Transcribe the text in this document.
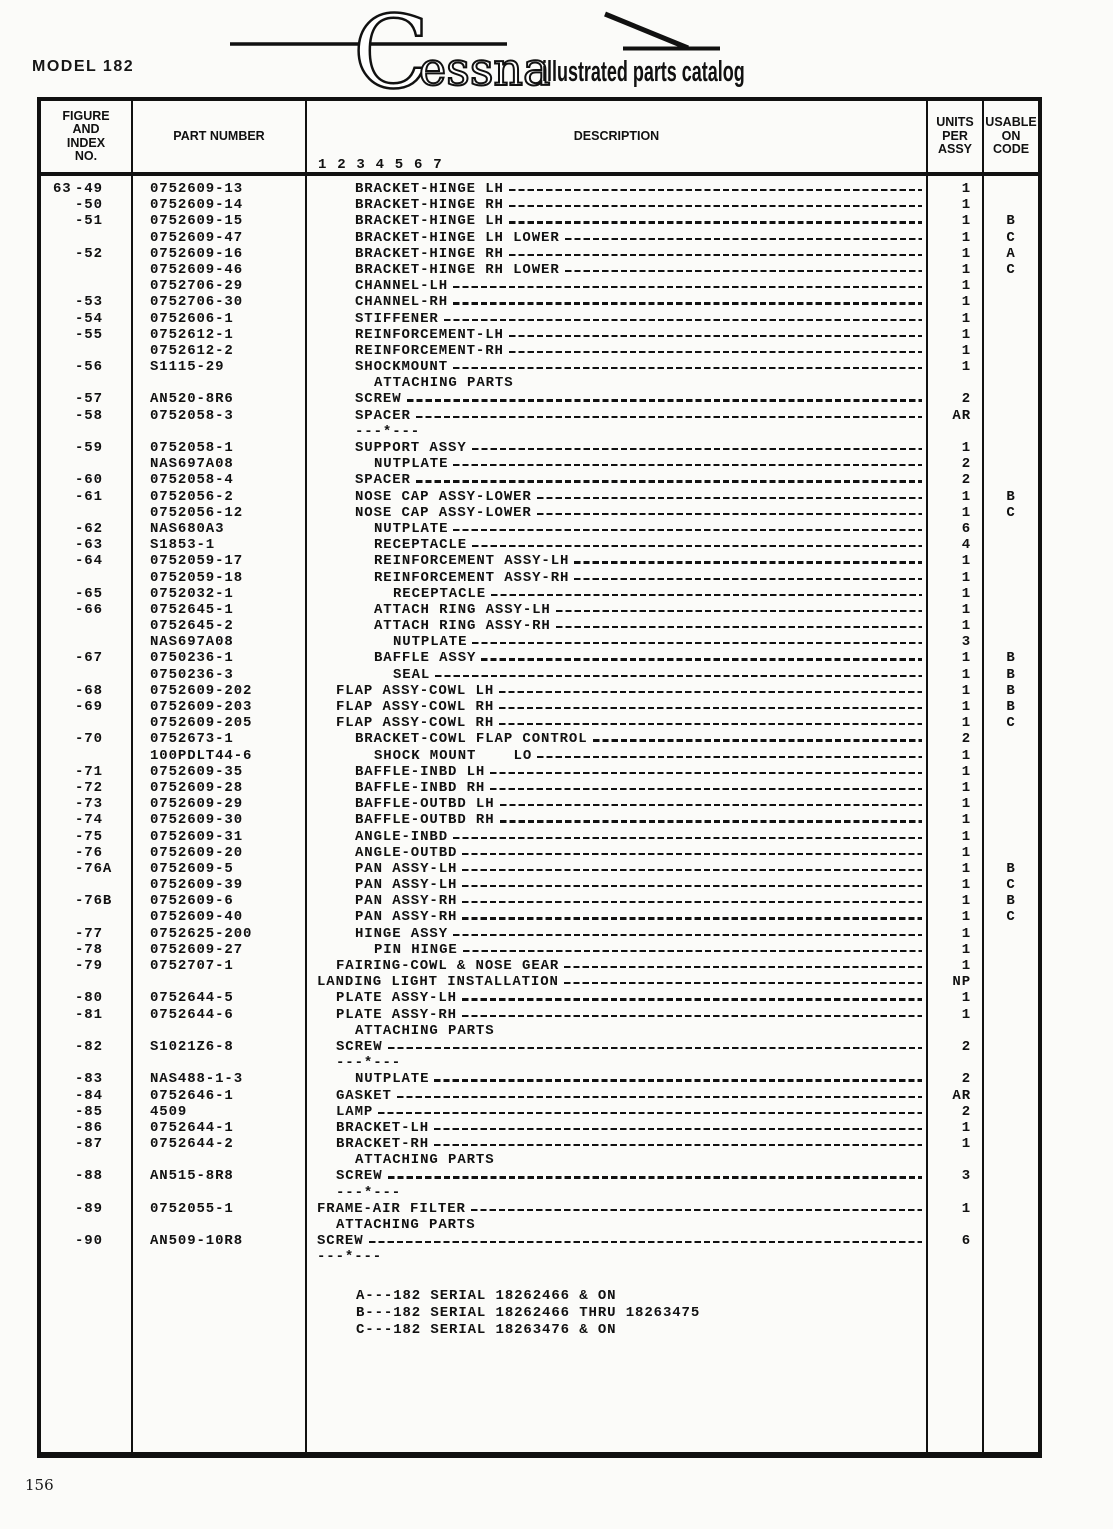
MODEL 182 C
essna
illustrated parts catalog
FIGURE
AND
INDEX
NO.
PART NUMBER	DESCRIPTION
1 2 3 4 5 6 7
UNITS
PER
ASSY
USABLE
ON
CODE
63 -49	0752609-13	BRACKET-HINGE LH	1
-50	0752609-14	BRACKET-HINGE RH	1
-51	0752609-15	BRACKET-HINGE LH	1	B
0752609-47	BRACKET-HINGE LH LOWER	1	C
-52	0752609-16	BRACKET-HINGE RH	1	A
0752609-46	BRACKET-HINGE RH LOWER	1	C
0752706-29	CHANNEL-LH	1
-53	0752706-30	CHANNEL-RH	1
-54	0752606-1	STIFFENER	1
-55	0752612-1	REINFORCEMENT-LH	1
0752612-2	REINFORCEMENT-RH	1
-56	S1115-29	SHOCKMOUNT	1
ATTACHING PARTS
-57	AN520-8R6	SCREW	2
-58	0752058-3	SPACER	AR
---*---
-59	0752058-1	SUPPORT ASSY	1
NAS697A08	NUTPLATE	2
-60	0752058-4	SPACER	2
-61	0752056-2	NOSE CAP ASSY-LOWER	1	B
0752056-12	NOSE CAP ASSY-LOWER	1	C
-62	NAS680A3	NUTPLATE	6
-63	S1853-1	RECEPTACLE	4
-64	0752059-17	REINFORCEMENT ASSY-LH	1
0752059-18	REINFORCEMENT ASSY-RH	1
-65	0752032-1	RECEPTACLE	1
-66	0752645-1	ATTACH RING ASSY-LH	1
0752645-2	ATTACH RING ASSY-RH	1
NAS697A08	NUTPLATE	3
-67	0750236-1	BAFFLE ASSY	1	B
0750236-3	SEAL	1	B
-68	0752609-202	FLAP ASSY-COWL LH	1	B
-69	0752609-203	FLAP ASSY-COWL RH	1	B
0752609-205	FLAP ASSY-COWL RH	1	C
-70	0752673-1	BRACKET-COWL FLAP CONTROL	2
100PDLT44-6	SHOCK MOUNT    LO	1
-71	0752609-35	BAFFLE-INBD LH	1
-72	0752609-28	BAFFLE-INBD RH	1
-73	0752609-29	BAFFLE-OUTBD LH	1
-74	0752609-30	BAFFLE-OUTBD RH	1
-75	0752609-31	ANGLE-INBD	1
-76	0752609-20	ANGLE-OUTBD	1
-76A	0752609-5	PAN ASSY-LH	1	B
0752609-39	PAN ASSY-LH	1	C
-76B	0752609-6	PAN ASSY-RH	1	B
0752609-40	PAN ASSY-RH	1	C
-77	0752625-200	HINGE ASSY	1
-78	0752609-27	PIN HINGE	1
-79	0752707-1	FAIRING-COWL & NOSE GEAR	1
LANDING LIGHT INSTALLATION	NP
-80	0752644-5	PLATE ASSY-LH	1
-81	0752644-6	PLATE ASSY-RH	1
ATTACHING PARTS
-82	S1021Z6-8	SCREW	2
---*---
-83	NAS488-1-3	NUTPLATE	2
-84	0752646-1	GASKET	AR
-85	4509	LAMP	2
-86	0752644-1	BRACKET-LH	1
-87	0752644-2	BRACKET-RH	1
ATTACHING PARTS
-88	AN515-8R8	SCREW	3
---*---
-89	0752055-1	FRAME-AIR FILTER	1
ATTACHING PARTS
-90	AN509-10R8	SCREW	6
---*---
A---182 SERIAL 18262466 & ON
B---182 SERIAL 18262466 THRU 18263475
C---182 SERIAL 18263476 & ON
156
